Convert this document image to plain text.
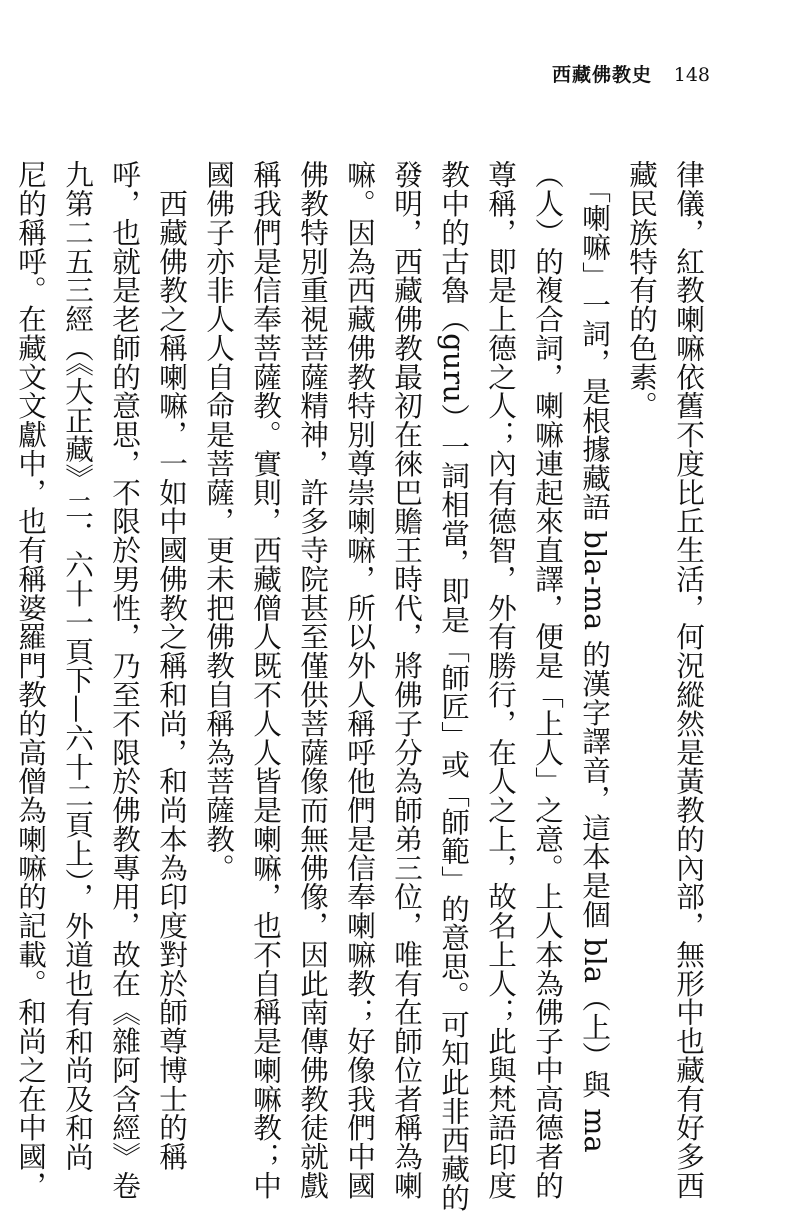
西藏佛教史 148
律儀，紅教喇嘛依舊不度比丘生活，何況縱然是黃教的內部，無形中也藏有好多西
藏民族特有的色素。
　「喇嘛」一詞，是根據藏語 bla-ma 的漢字譯音，這本是個 bla（上）與 ma
（人）的複合詞，喇嘛連起來直譯，便是「上人」之意。上人本為佛子中高德者的
尊稱，即是上德之人；內有德智，外有勝行，在人之上，故名上人；此與梵語印度
教中的古魯（guru）一詞相當，即是「師匠」或「師範」的意思。可知此非西藏的
發明，西藏佛教最初在徠巴贍王時代，將佛子分為師弟三位，唯有在師位者稱為喇
嘛。因為西藏佛教特別尊崇喇嘛，所以外人稱呼他們是信奉喇嘛教；好像我們中國
佛教特別重視菩薩精神，許多寺院甚至僅供菩薩像而無佛像，因此南傳佛教徒就戲
稱我們是信奉菩薩教。實則，西藏僧人既不人人皆是喇嘛，也不自稱是喇嘛教；中
國佛子亦非人人自命是菩薩，更未把佛教自稱為菩薩教。
　西藏佛教之稱喇嘛，一如中國佛教之稱和尚，和尚本為印度對於師尊博士的稱
呼，也就是老師的意思，不限於男性，乃至不限於佛教專用，故在《雜阿含經》卷
九第二五三經（《大正藏》二．六十一頁下—六十二頁上），外道也有和尚及和尚
尼的稱呼。在藏文文獻中，也有稱婆羅門教的高僧為喇嘛的記載。和尚之在中國，
